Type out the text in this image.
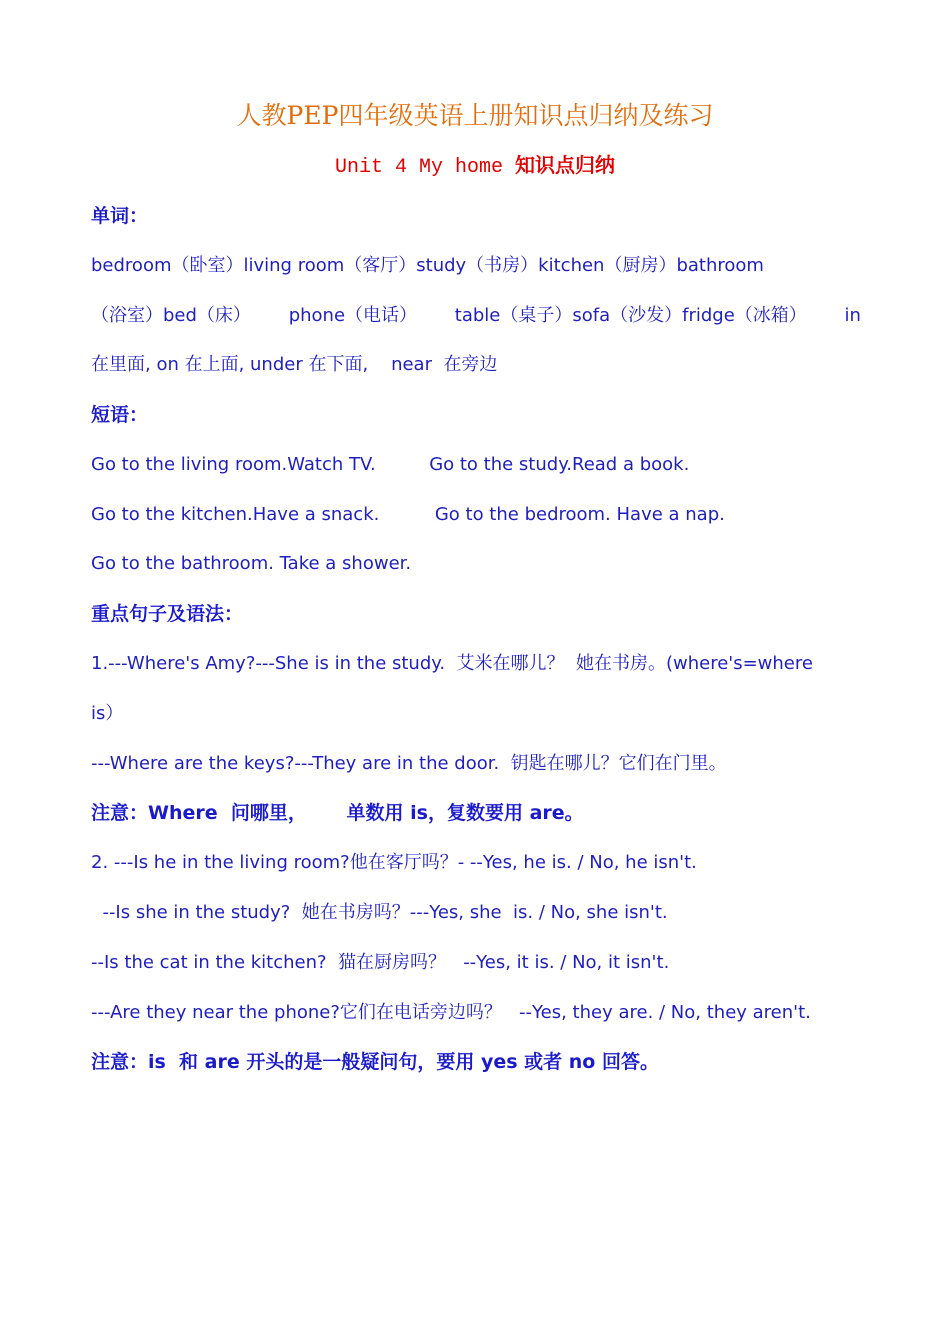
人教PEP四年级英语上册知识点归纳及练习
Unit 4 My home 知识点归纳
单词：
bedroom（卧室）living room（客厅）study（书房）kitchen（厨房）bathroom
（浴室）bed（床） phone（电话） table（桌子）sofa（沙发）fridge（冰箱） in
在里面, on 在上面, under 在下面,    near  在旁边
短语：
Go to the living room.Watch TV.	Go to the study.Read a book.
Go to the kitchen.Have a snack.	Go to the bedroom. Have a nap.
Go to the bathroom. Take a shower.
重点句子及语法：
1.---Where's Amy?---She is in the study.  艾米在哪儿？  她在书房。(where's=where
is）
---Where are the keys?---They are in the door.  钥匙在哪儿？它们在门里。
注意：Where  问哪里，      单数用 is，复数要用 are。
2. ---Is he in the living room?他在客厅吗？- --Yes, he is. / No, he isn't.
--Is she in the study?  她在书房吗？---Yes, she  is. / No, she isn't.
--Is the cat in the kitchen?  猫在厨房吗？   --Yes, it is. / No, it isn't.
---Are they near the phone?它们在电话旁边吗？   --Yes, they are. / No, they aren't.
注意：is  和 are 开头的是一般疑问句，要用 yes 或者 no 回答。
